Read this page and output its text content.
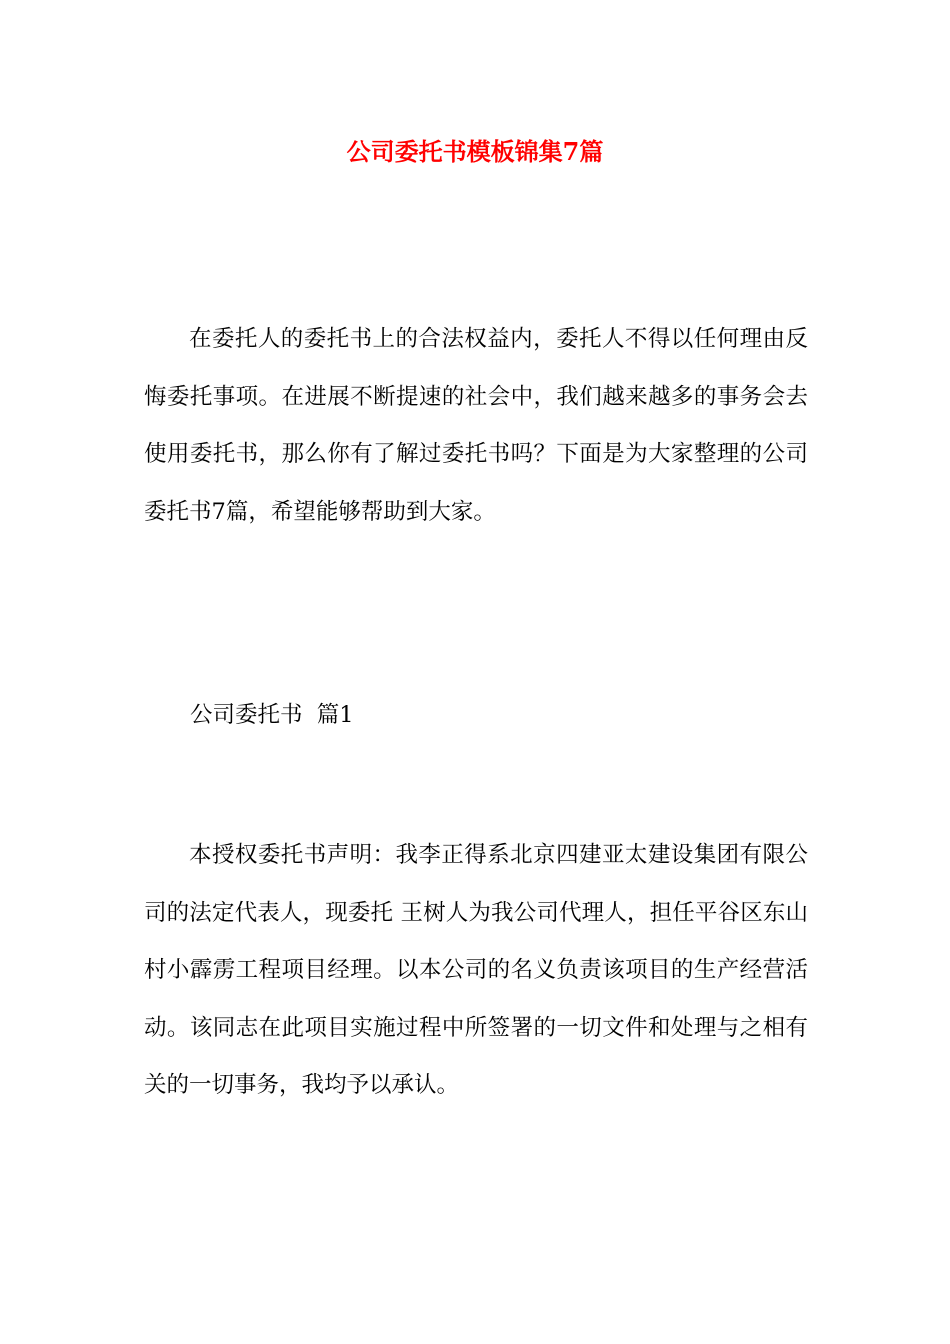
公司委托书模板锦集7篇

在委托人的委托书上的合法权益内，委托人不得以任何理由反悔委托事项。在进展不断提速的社会中，我们越来越多的事务会去使用委托书，那么你有了解过委托书吗？下面是为大家整理的公司委托书7篇，希望能够帮助到大家。

公司委托书  篇1

本授权委托书声明：我李正得系北京四建亚太建设集团有限公司的法定代表人，现委托 王树人为我公司代理人，担任平谷区东山村小霹雳工程项目经理。以本公司的名义负责该项目的生产经营活动。该同志在此项目实施过程中所签署的一切文件和处理与之相有关的一切事务，我均予以承认。
